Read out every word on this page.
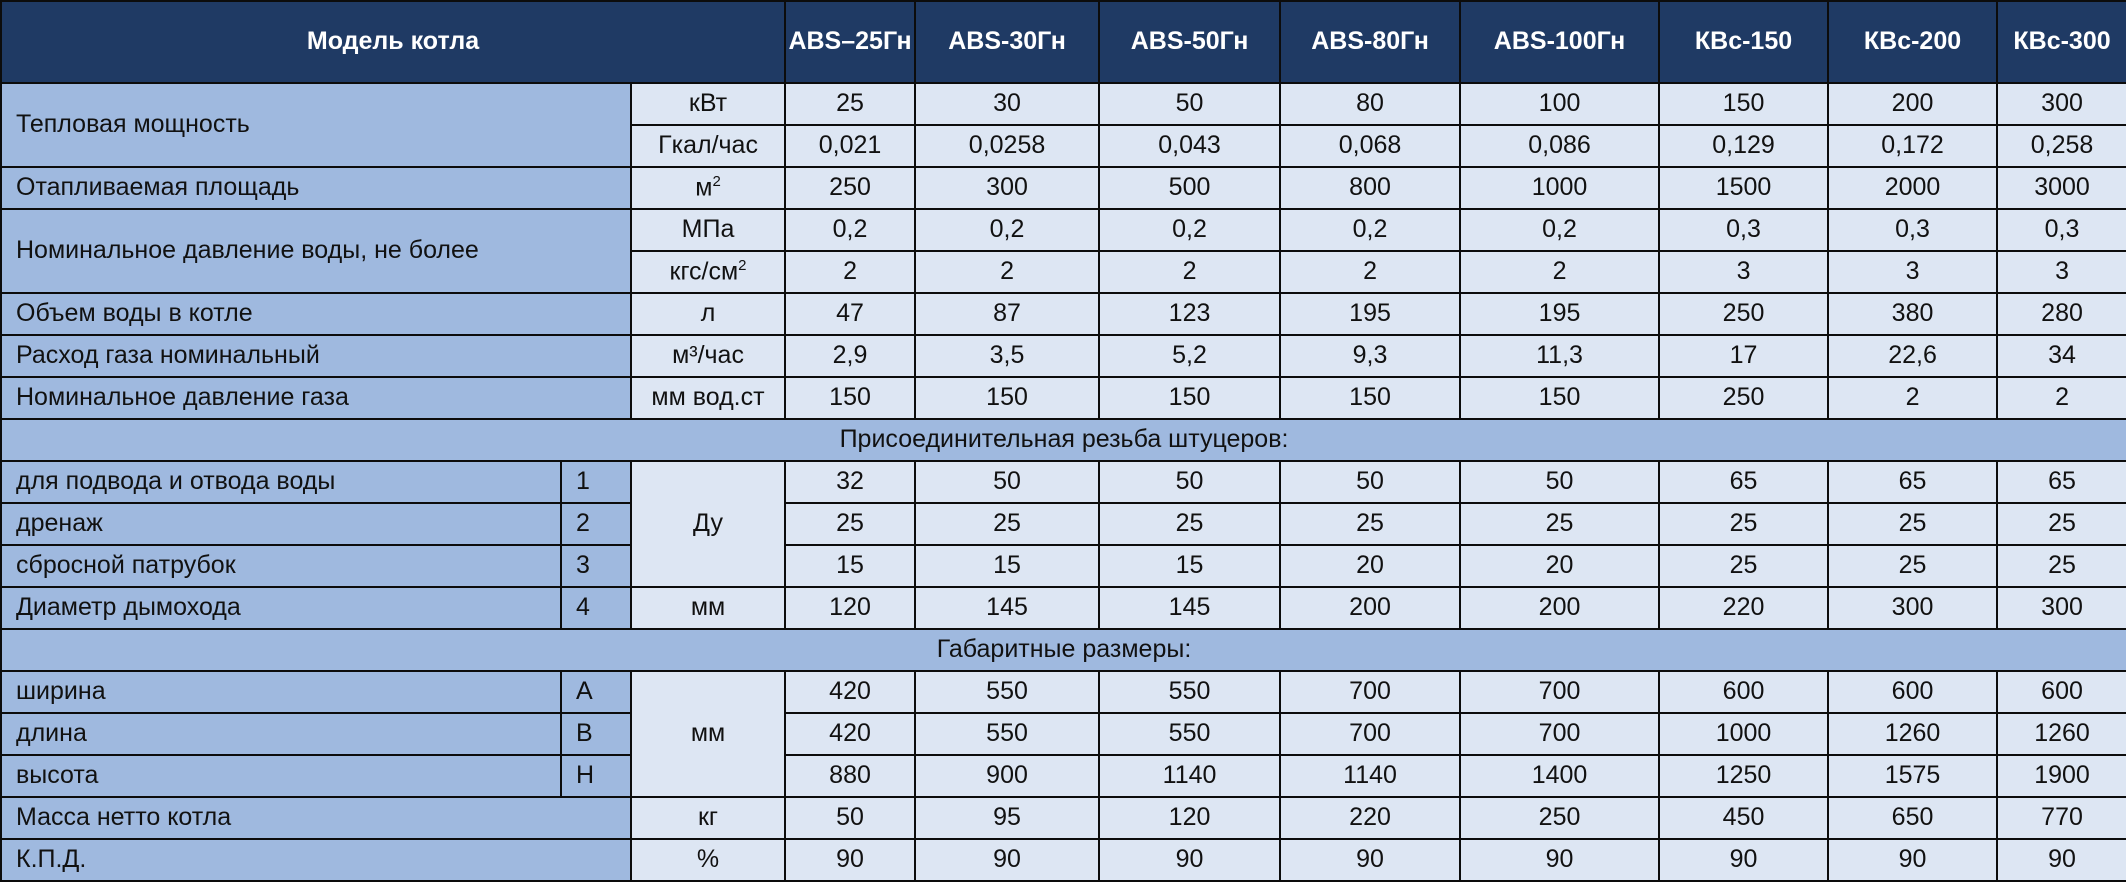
Модель котла			ABS–25Гн	ABS-30Гн	ABS-50Гн	ABS-80Гн	ABS-100Гн	КВс-150	КВс-200	КВс-300
Тепловая мощность		кВт	25	30	50	80	100	150	200	300
		Гкал/час	0,021	0,0258	0,043	0,068	0,086	0,129	0,172	0,258
Отапливаемая площадь		$м^2$	250	300	500	800	1000	1500	2000	3000
Номинальное давление воды, не более		МПа	0,2	0,2	0,2	0,2	0,2	0,3	0,3	0,3
		кгс/$см^2$	2	2	2	2	2	3	3	3
Объем воды в котле		л	47	87	123	195	195	250	380	280
Расход газа номинальный		м³/час	2,9	3,5	5,2	9,3	11,3	17	22,6	34
Номинальное давление газа		мм вод.ст	150	150	150	150	150	250	2	2
Присоединительная резьба штуцеров:										
для подвода и отвода воды	1	Ду	32	50	50	50	50	65	65	65
дренаж	2		25	25	25	25	25	25	25	25
сбросной патрубок	3		15	15	15	20	20	25	25	25
Диаметр дымохода	4	мм	120	145	145	200	200	220	300	300
Габаритные размеры:										
ширина	А	мм	420	550	550	700	700	600	600	600
длина	В		420	550	550	700	700	1000	1260	1260
высота	Н		880	900	1140	1140	1400	1250	1575	1900
Масса нетто котла		кг	50	95	120	220	250	450	650	770
К.П.Д.		%	90	90	90	90	90	90	90	90
